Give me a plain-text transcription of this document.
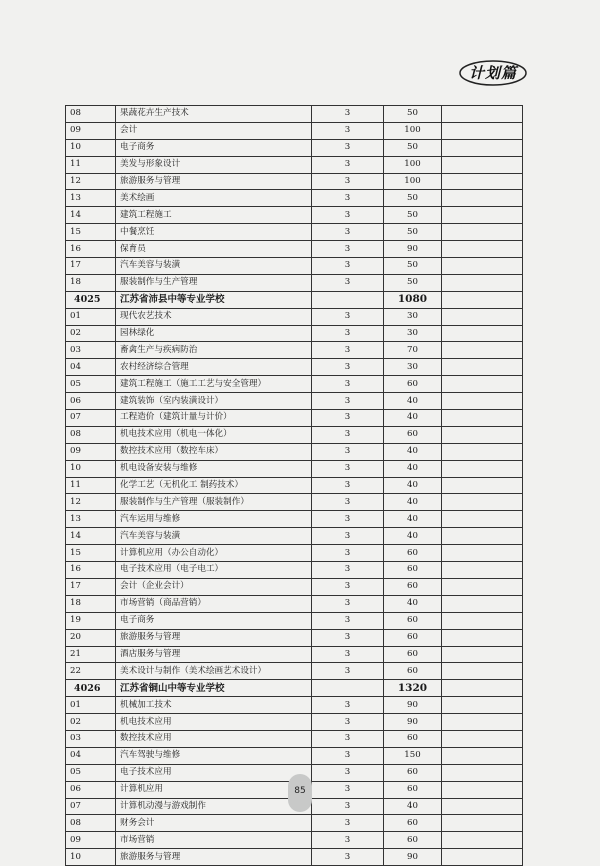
计划篇
08	果蔬花卉生产技术	3	50	
09	会计	3	100	
10	电子商务	3	50	
11	美发与形象设计	3	100	
12	旅游服务与管理	3	100	
13	美术绘画	3	50	
14	建筑工程施工	3	50	
15	中餐烹饪	3	50	
16	保育员	3	90	
17	汽车美容与装潢	3	50	
18	服装制作与生产管理	3	50	
4025	江苏省沛县中等专业学校		1080	
01	现代农艺技术	3	30	
02	园林绿化	3	30	
03	畜禽生产与疾病防治	3	70	
04	农村经济综合管理	3	30	
05	建筑工程施工（施工工艺与安全管理）	3	60	
06	建筑装饰（室内装潢设计）	3	40	
07	工程造价（建筑计量与计价）	3	40	
08	机电技术应用（机电一体化）	3	60	
09	数控技术应用（数控车床）	3	40	
10	机电设备安装与维修	3	40	
11	化学工艺（无机化工 制药技术）	3	40	
12	服装制作与生产管理（服装制作）	3	40	
13	汽车运用与维修	3	40	
14	汽车美容与装潢	3	40	
15	计算机应用（办公自动化）	3	60	
16	电子技术应用（电子电工）	3	60	
17	会计（企业会计）	3	60	
18	市场营销（商品营销）	3	40	
19	电子商务	3	60	
20	旅游服务与管理	3	60	
21	酒店服务与管理	3	60	
22	美术设计与制作（美术绘画艺术设计）	3	60	
4026	江苏省铜山中等专业学校		1320	
01	机械加工技术	3	90	
02	机电技术应用	3	90	
03	数控技术应用	3	60	
04	汽车驾驶与维修	3	150	
05	电子技术应用	3	60	
06	计算机应用	3	60	
07	计算机动漫与游戏制作	3	40	
08	财务会计	3	60	
09	市场营销	3	60	
10	旅游服务与管理	3	90	
85
